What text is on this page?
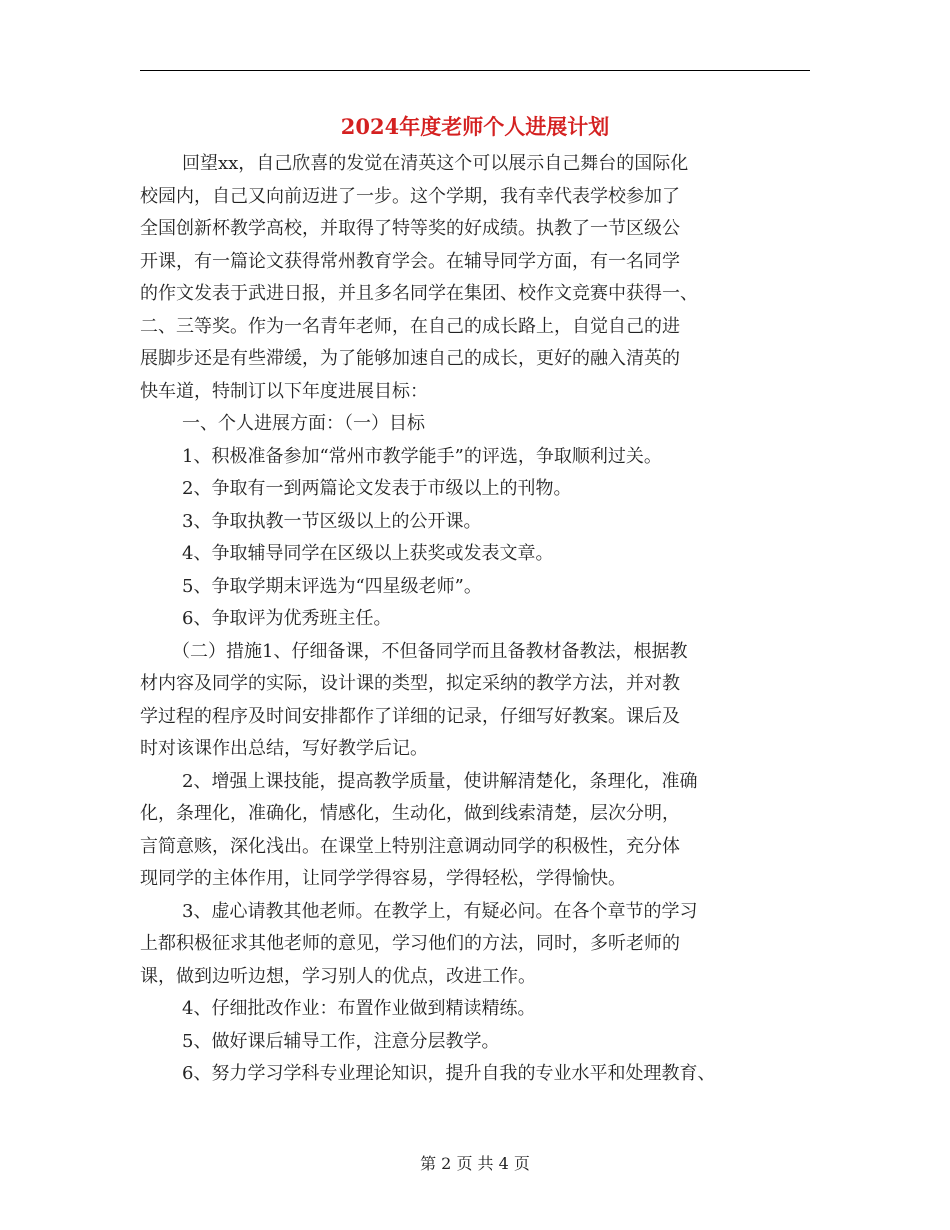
2024年度老师个人进展计划
回望xx，自己欣喜的发觉在清英这个可以展示自己舞台的国际化
校园内，自己又向前迈进了一步。这个学期，我有幸代表学校参加了
全国创新杯教学高校，并取得了特等奖的好成绩。执教了一节区级公
开课，有一篇论文获得常州教育学会。在辅导同学方面，有一名同学
的作文发表于武进日报，并且多名同学在集团、校作文竞赛中获得一、
二、三等奖。作为一名青年老师，在自己的成长路上，自觉自己的进
展脚步还是有些滞缓，为了能够加速自己的成长，更好的融入清英的
快车道，特制订以下年度进展目标：
一、个人进展方面：（一）目标
1、积极准备参加“常州市教学能手”的评选，争取顺利过关。
2、争取有一到两篇论文发表于市级以上的刊物。
3、争取执教一节区级以上的公开课。
4、争取辅导同学在区级以上获奖或发表文章。
5、争取学期末评选为“四星级老师”。
6、争取评为优秀班主任。
（二）措施1、仔细备课，不但备同学而且备教材备教法，根据教
材内容及同学的实际，设计课的类型，拟定采纳的教学方法，并对教
学过程的程序及时间安排都作了详细的记录，仔细写好教案。课后及
时对该课作出总结，写好教学后记。
2、增强上课技能，提高教学质量，使讲解清楚化，条理化，准确
化，条理化，准确化，情感化，生动化，做到线索清楚，层次分明，
言简意赅，深化浅出。在课堂上特别注意调动同学的积极性，充分体
现同学的主体作用，让同学学得容易，学得轻松，学得愉快。
3、虚心请教其他老师。在教学上，有疑必问。在各个章节的学习
上都积极征求其他老师的意见，学习他们的方法，同时，多听老师的
课，做到边听边想，学习别人的优点，改进工作。
4、仔细批改作业：布置作业做到精读精练。
5、做好课后辅导工作，注意分层教学。
6、努力学习学科专业理论知识，提升自我的专业水平和处理教育、
第 2 页 共 4 页
